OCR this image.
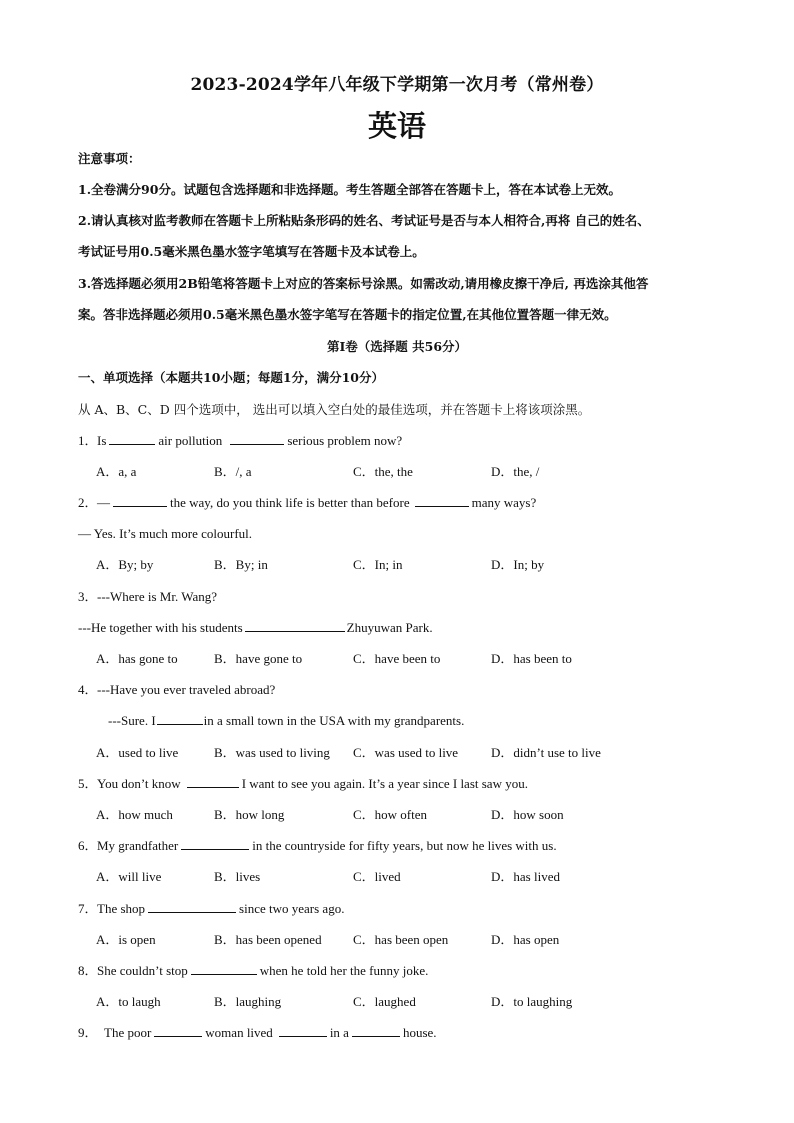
2023-2024学年八年级下学期第一次月考（常州卷）
英语
注意事项：
1.全卷满分90分。试题包含选择题和非选择题。考生答题全部答在答题卡上，答在本试卷上无效。
2.请认真核对监考教师在答题卡上所粘贴条形码的姓名、考试证号是否与本人相符合,再将 自己的姓名、
考试证号用0.5毫米黑色墨水签字笔填写在答题卡及本试卷上。
3.答选择题必须用2B铅笔将答题卡上对应的答案标号涂黑。如需改动,请用橡皮擦干净后, 再选涂其他答
案。答非选择题必须用0.5毫米黑色墨水签字笔写在答题卡的指定位置,在其他位置答题一律无效。
第I卷（选择题 共56分）
一、单项选择（本题共10小题；每题1分，满分10分）
从 A、B、C、D 四个选项中， 选出可以填入空白处的最佳选项，并在答题卡上将该项涂黑。
1．Is	air pollution	serious problem now?
A．a, a	B．/, a	C．the, the	D．the, /
2．—	the way, do you think life is better than before	many ways?
— Yes. It’s much more colourful.
A．By; by	B．By; in	C．In; in	D．In; by
3．---Where is Mr. Wang?
---He together with his students	Zhuyuwan Park.
A．has gone to	B．have gone to	C．have been to	D．has been to
4．---Have you ever traveled abroad?
---Sure. I	in a small town in the USA with my grandparents.
A．used to live	B．was used to living C．was used to live	D．didn’t use to live
5．You don’t know	I want to see you again. It’s a year since I last saw you.
A．how much	B．how long	C．how often	D．how soon
6．My grandfather	in the countryside for fifty years, but now he lives with us.
A．will live	B．lives	C．lived	D．has lived
7．The shop	since two years ago.
A．is open	B．has been opened C．has been open	D．has open
8．She couldn’t stop	when he told her the funny joke.
A．to laugh	B．laughing	C．laughed	D．to laughing
9． The poor	woman lived	in a	house.
